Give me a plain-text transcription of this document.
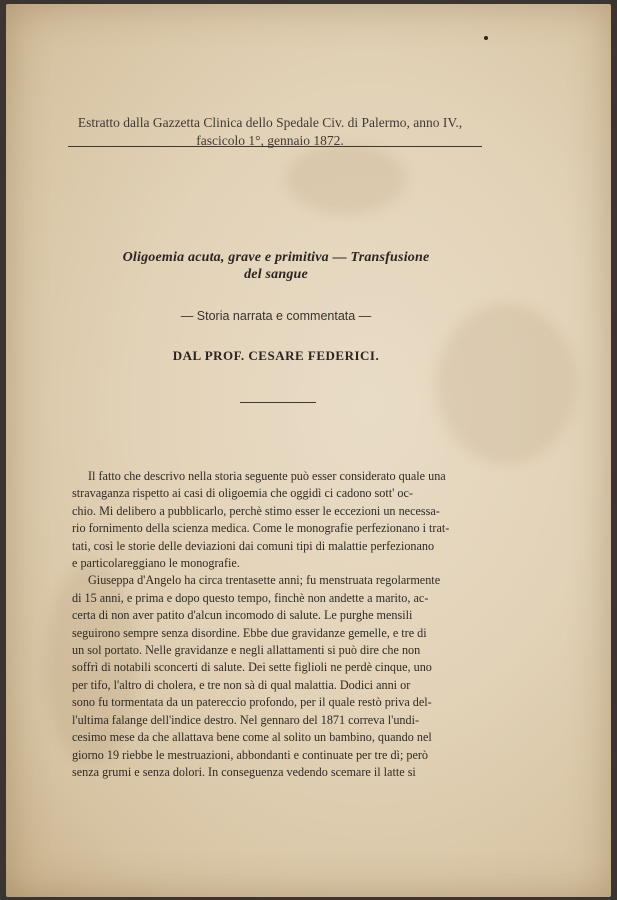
Estratto dalla Gazzetta Clinica dello Spedale Civ. di Palermo, anno IV.,
fascicolo 1°, gennaio 1872.
Oligoemia acuta, grave e primitiva — Transfusione
del sangue
— Storia narrata e commentata —
DAL PROF. CESARE FEDERICI.
Il fatto che descrivo nella storia seguente può esser considerato quale una
stravaganza rispetto ai casi di oligoemia che oggidì ci cadono sott' oc-
chio. Mi delibero a pubblicarlo, perchè stimo esser le eccezioni un necessa-
rio fornimento della scienza medica. Come le monografie perfezionano i trat-
tati, così le storie delle deviazioni dai comuni tipi di malattie perfezionano
e particolareggiano le monografie.
Giuseppa d'Angelo ha circa trentasette anni; fu menstruata regolarmente
di 15 anni, e prima e dopo questo tempo, finchè non andette a marito, ac-
certa di non aver patito d'alcun incomodo di salute. Le purghe mensili
seguirono sempre senza disordine. Ebbe due gravidanze gemelle, e tre di
un sol portato. Nelle gravidanze e negli allattamenti si può dire che non
soffrì di notabili sconcerti di salute. Dei sette figlioli ne perdè cinque, uno
per tifo, l'altro di cholera, e tre non sà di qual malattia. Dodici anni or
sono fu tormentata da un patereccio profondo, per il quale restò priva del-
l'ultima falange dell'indice destro. Nel gennaro del 1871 correva l'undi-
cesimo mese da che allattava bene come al solito un bambino, quando nel
giorno 19 riebbe le mestruazioni, abbondanti e continuate per tre dì; però
senza grumi e senza dolori. In conseguenza vedendo scemare il latte si
